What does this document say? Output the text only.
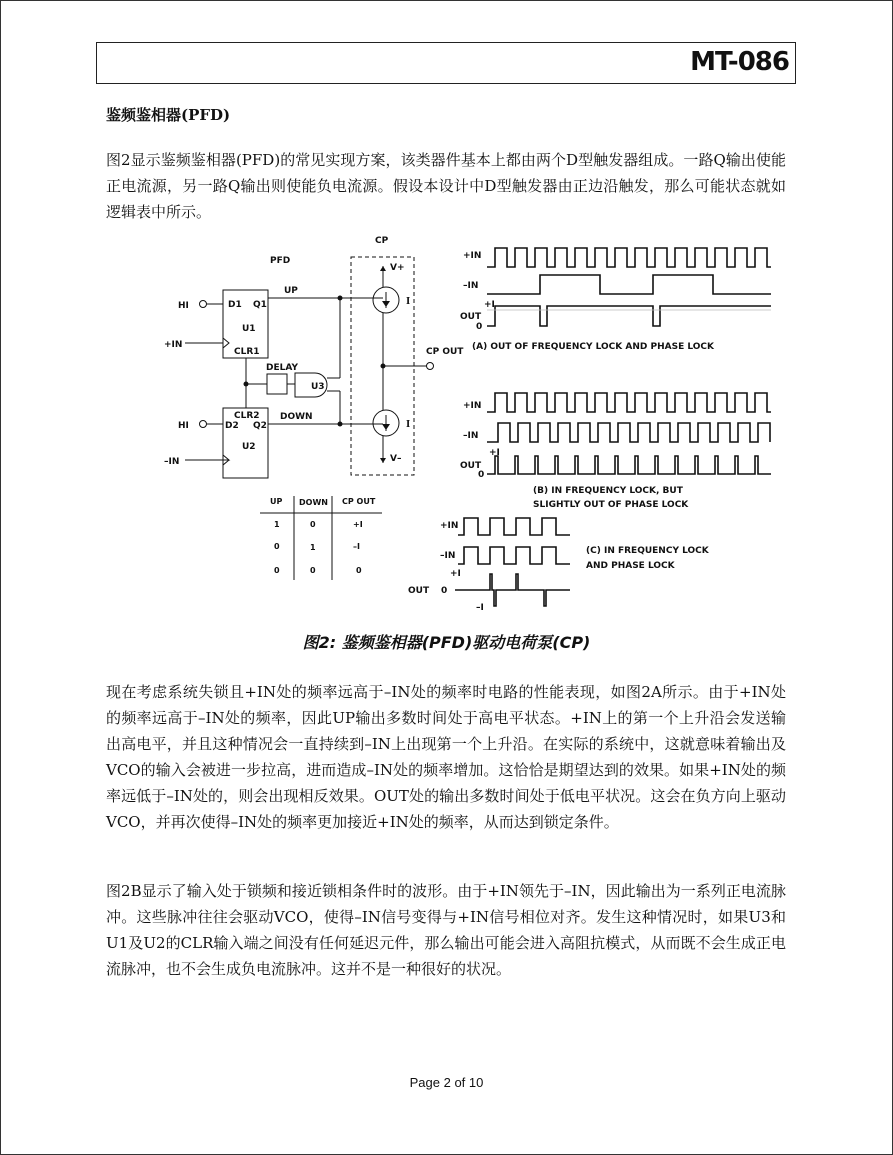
MT-086
鉴频鉴相器(PFD)
图2显示鉴频鉴相器(PFD)的常见实现方案，该类器件基本上都由两个D型触发器组成。一路Q输出使能正电流源，另一路Q输出则使能负电流源。假设本设计中D型触发器由正边沿触发，那么可能状态就如逻辑表中所示。
PFD
CP
HI
HI
+IN
–IN
D1 Q1
U1
CLR1
CLR2
D2 Q2
U2
U3
DELAY
UP
DOWN
V+
V–
I
I
CP OUT
UP DOWN CP OUT
1	0	+I
0	1	–I
0	0	0
+IN
–IN
+I
OUT
0
(A) OUT OF FREQUENCY LOCK AND PHASE LOCK
+IN
–IN
+I
OUT
0
(B) IN FREQUENCY LOCK, BUT
SLIGHTLY OUT OF PHASE LOCK
+IN
–IN
+I
OUT 0
–I
(C) IN FREQUENCY LOCK
AND PHASE LOCK
图2: 鉴频鉴相器(PFD)驱动电荷泵(CP)
现在考虑系统失锁且+IN处的频率远高于–IN处的频率时电路的性能表现，如图2A所示。由于+IN处的频率远高于–IN处的频率，因此UP输出多数时间处于高电平状态。+IN上的第一个上升沿会发送输出高电平，并且这种情况会一直持续到–IN上出现第一个上升沿。在实际的系统中，这就意味着输出及VCO的输入会被进一步拉高，进而造成–IN处的频率增加。这恰恰是期望达到的效果。如果+IN处的频率远低于–IN处的，则会出现相反效果。OUT处的输出多数时间处于低电平状况。这会在负方向上驱动VCO，并再次使得–IN处的频率更加接近+IN处的频率，从而达到锁定条件。
图2B显示了输入处于锁频和接近锁相条件时的波形。由于+IN领先于–IN，因此输出为一系列正电流脉冲。这些脉冲往往会驱动VCO，使得–IN信号变得与+IN信号相位对齐。发生这种情况时，如果U3和U1及U2的CLR输入端之间没有任何延迟元件，那么输出可能会进入高阻抗模式，从而既不会生成正电流脉冲，也不会生成负电流脉冲。这并不是一种很好的状况。
Page 2 of 10
